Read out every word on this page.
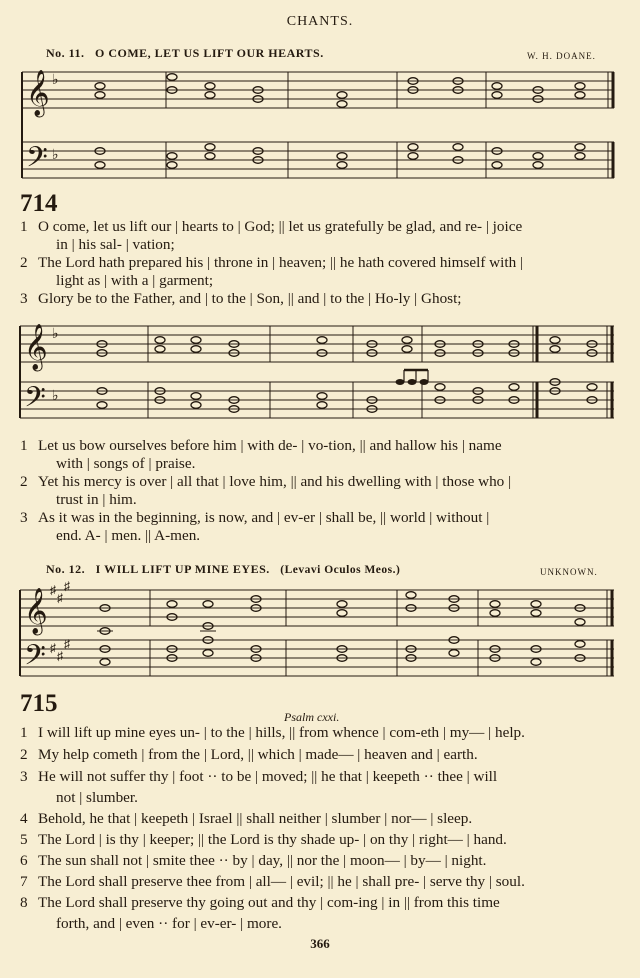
CHANTS.
No. 11. O COME, LET US LIFT OUR HEARTS.	W. H. DOANE.
𝄞
𝄢
♭
♭
714
1 O come, let us lift our | hearts to | God; || let us gratefully be glad, and re- | joice
in | his sal- | vation;
2 The Lord hath prepared his | throne in | heaven; || he hath covered himself with |
light as | with a | garment;
3 Glory be to the Father, and | to the | Son, || and | to the | Ho-ly | Ghost;
𝄞
𝄢
♭
♭
1 Let us bow ourselves before him | with de- | vo-tion, || and hallow his | name
with | songs of | praise.
2 Yet his mercy is over | all that | love him, || and his dwelling with | those who |
trust in | him.
3 As it was in the beginning, is now, and | ev-er | shall be, || world | without |
end. A- | men. || A-men.
No. 12. I WILL LIFT UP MINE EYES. (Levavi Oculos Meos.)	UNKNOWN.
𝄞
𝄢
♯
♯
♯
♯
♯
♯
715	Psalm cxxi.
1 I will lift up mine eyes un- | to the | hills, || from whence | com-eth | my— | help.
2 My help cometh | from the | Lord, || which | made— | heaven and | earth.
3 He will not suffer thy | foot ·· to be | moved; || he that | keepeth ·· thee | will
not | slumber.
4 Behold, he that | keepeth | Israel || shall neither | slumber | nor— | sleep.
5 The Lord | is thy | keeper; || the Lord is thy shade up- | on thy | right— | hand.
6 The sun shall not | smite thee ·· by | day, || nor the | moon— | by— | night.
7 The Lord shall preserve thee from | all— | evil; || he | shall pre- | serve thy | soul.
8 The Lord shall preserve thy going out and thy | com-ing | in || from this time
forth, and | even ·· for | ev-er- | more.
366
